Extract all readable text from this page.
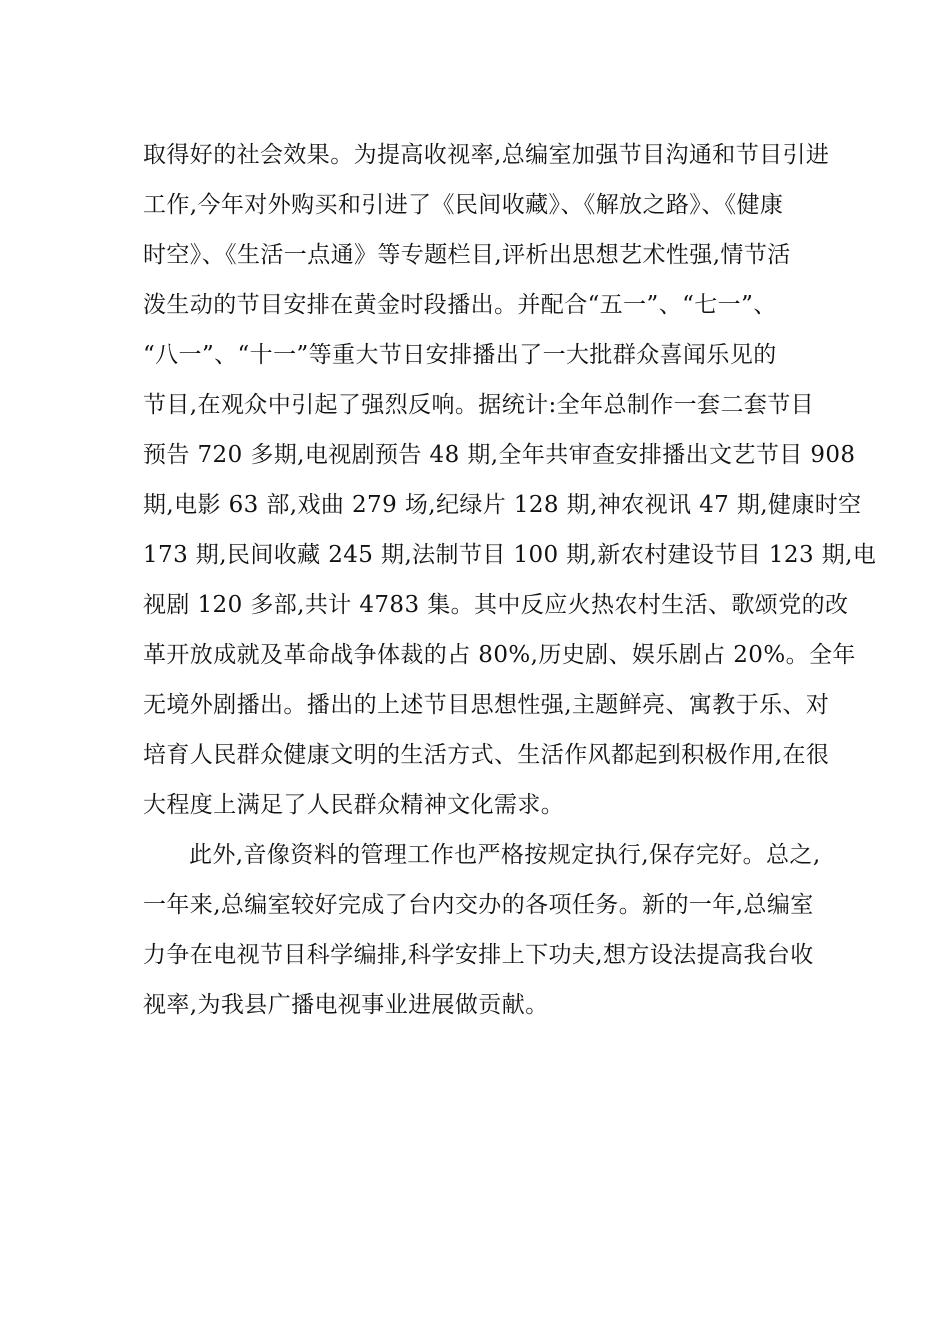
取得好的社会效果。为提高收视率,总编室加强节目沟通和节目引进
工作,今年对外购买和引进了《民间收藏》、《解放之路》、《健康
时空》、《生活一点通》等专题栏目,评析出思想艺术性强,情节活
泼生动的节目安排在黄金时段播出。并配合“五一”、“七一”、
“八一”、“十一”等重大节日安排播出了一大批群众喜闻乐见的
节目,在观众中引起了强烈反响。据统计:全年总制作一套二套节目
预告 720 多期,电视剧预告 48 期,全年共审查安排播出文艺节目 908
期,电影 63 部,戏曲 279 场,纪绿片 128 期,神农视讯 47 期,健康时空
173 期,民间收藏 245 期,法制节目 100 期,新农村建设节目 123 期,电
视剧 120 多部,共计 4783 集。其中反应火热农村生活、歌颂党的改
革开放成就及革命战争体裁的占 80%,历史剧、娱乐剧占 20%。全年
无境外剧播出。播出的上述节目思想性强,主题鲜亮、寓教于乐、对
培育人民群众健康文明的生活方式、生活作风都起到积极作用,在很
大程度上满足了人民群众精神文化需求。
此外,音像资料的管理工作也严格按规定执行,保存完好。总之,
一年来,总编室较好完成了台内交办的各项任务。新的一年,总编室
力争在电视节目科学编排,科学安排上下功夫,想方设法提高我台收
视率,为我县广播电视事业进展做贡献。
